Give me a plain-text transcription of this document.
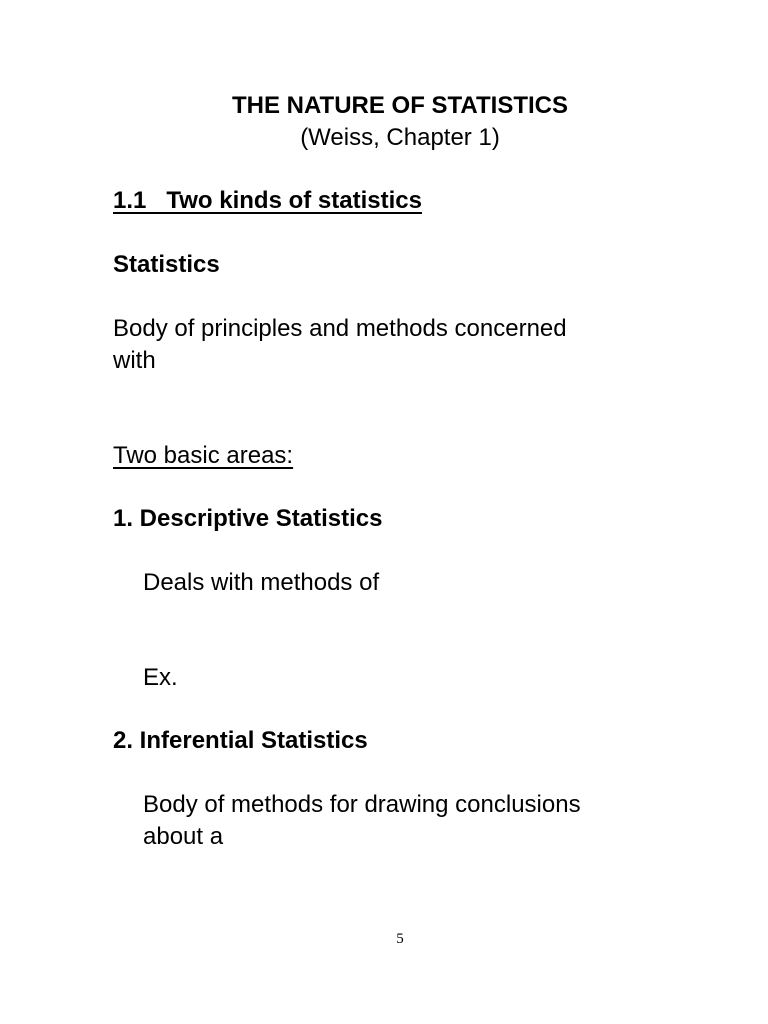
THE NATURE OF STATISTICS
(Weiss, Chapter 1)
1.1   Two kinds of statistics
Statistics
Body of principles and methods concerned
with
Two basic areas:
1. Descriptive Statistics
Deals with methods of
Ex.
2. Inferential Statistics
Body of methods for drawing conclusions
about a
5
